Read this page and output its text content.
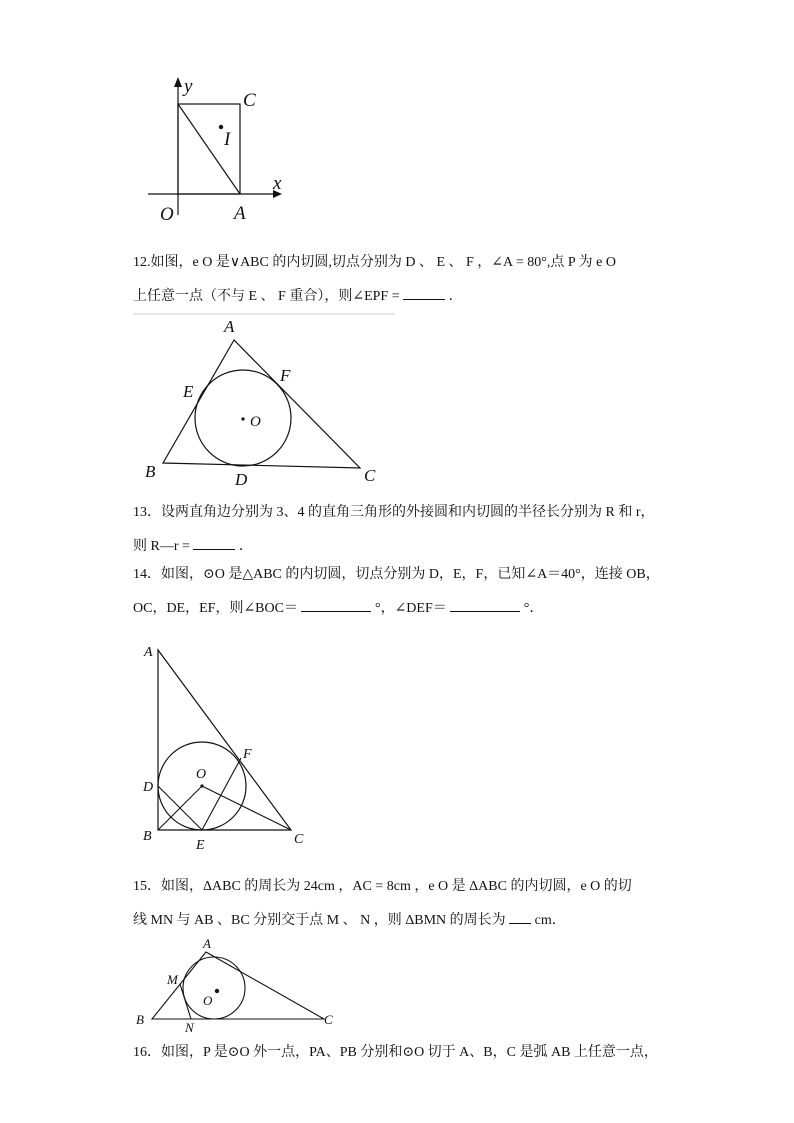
y
x
C
I
O	A
12.如图，e O 是∨ABC 的内切圆,切点分别为 D 、 E 、 F ，∠A = 80°,点 P 为 e O
上任意一点（不与 E 、 F 重合），则∠EPF =	．
A
F
E
O
B	D	C
13．设两直角边分别为 3、4 的直角三角形的外接圆和内切圆的半径长分别为 R 和 r，
则 R—r =	．
14．如图，⊙O 是△ABC 的内切圆，切点分别为 D，E，F，已知∠A＝40°，连接 OB，
OC，DE，EF，则∠BOC＝	°，∠DEF＝	°．
A
F
O
D
B
E	C
15．如图，ΔABC 的周长为 24cm ，AC = 8cm ，e O 是 ΔABC 的内切圆，e O 的切
线 MN 与 AB 、BC 分别交于点 M 、 N ，则 ΔBMN 的周长为 cm．
A
M
O
B
N
C
16．如图，P 是⊙O 外一点，PA、PB 分别和⊙O 切于 A、B，C 是弧 AB 上任意一点，
